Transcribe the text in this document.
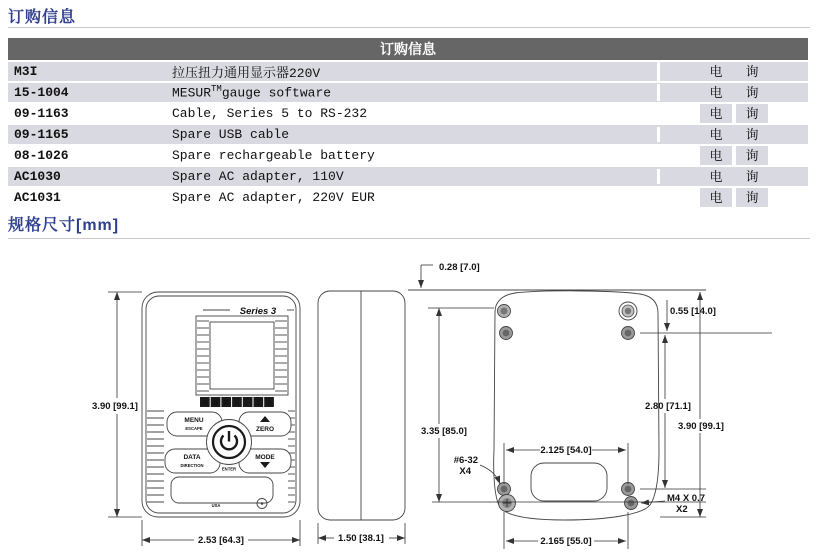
订购信息
订购信息
M3I	拉压扭力通用显示器220V	电	询
15-1004	MESUR™gauge software	电	询
09-1163	Cable, Series 5 to RS-232	电	询
09-1165	Spare USB cable	电	询
08-1026	Spare rechargeable battery	电	询
AC1030	Spare AC adapter, 110V	电	询
AC1031	Spare AC adapter, 220V EUR	电	询
规格尺寸[mm]
Series 3
M A R K - 1 0
MENU
ESCAPE	ZERO
DATA
DIRECTION
MODE
ENTER
USA
3.90 [99.1]
2.53 [64.3]	1.50 [38.1]
0.28 [7.0]
3.35 [85.0]
0.55 [14.0]
2.80 [71.1]
3.90 [99.1]
2.125 [54.0]
2.165 [55.0]
#6-32
X4
M4 X 0.7
X2
